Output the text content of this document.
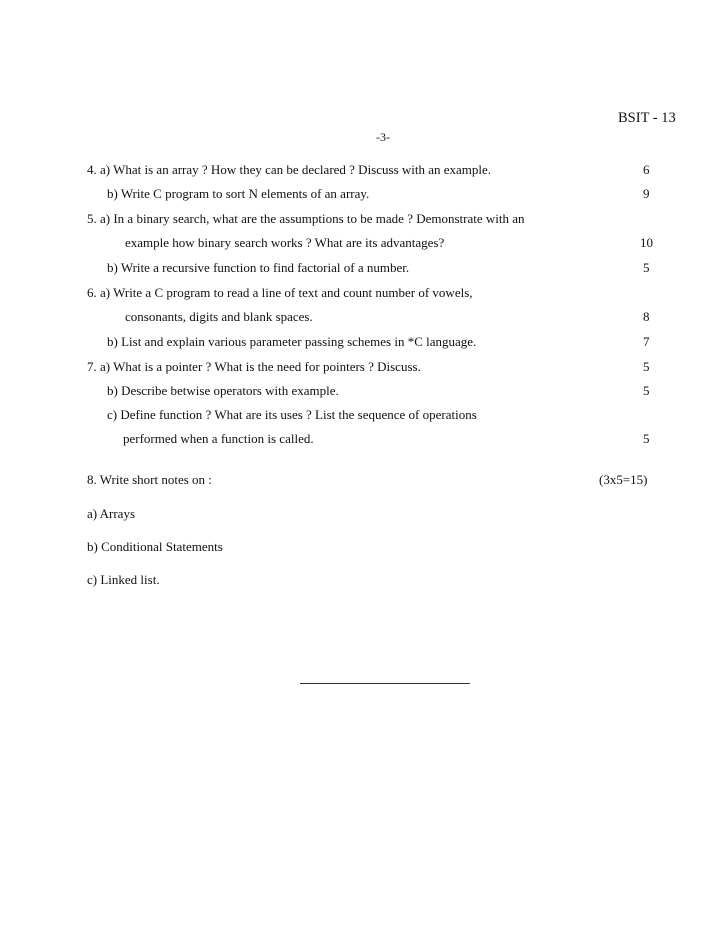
BSIT - 13
-3-
4. a) What is an array ? How they can be declared ? Discuss with an example.	6
b) Write C program to sort N elements of an array.	9
5. a) In a binary search, what are the assumptions to be made ? Demonstrate with an
example how binary search works ? What are its advantages?	10
b) Write a recursive function to find factorial of a number.	5
6. a) Write a C program to read a line of text and count number of vowels,
consonants, digits and blank spaces.	8
b) List and explain various parameter passing schemes in *C language.	7
7. a) What is a pointer ? What is the need for pointers ? Discuss.	5
b) Describe betwise operators with example.	5
c) Define function ? What are its uses ? List the sequence of operations
performed when a function is called.	5
8. Write short notes on :	(3x5=15)
a) Arrays
b) Conditional Statements
c) Linked list.
